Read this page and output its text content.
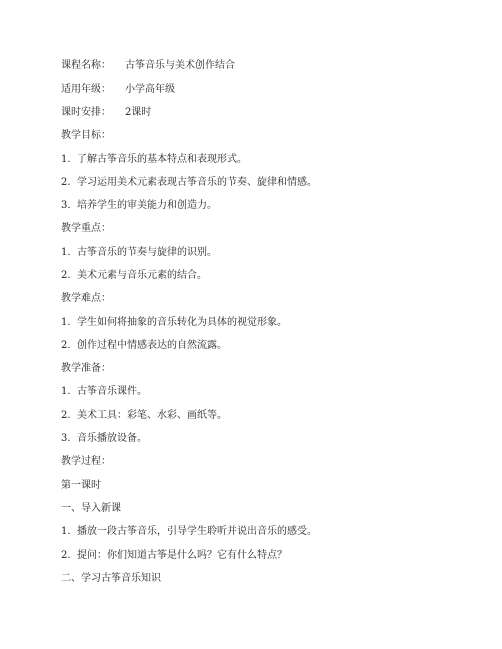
课程名称： 古筝音乐与美术创作结合
适用年级： 小学高年级
课时安排： 2课时
教学目标：
1. 了解古筝音乐的基本特点和表现形式。
2. 学习运用美术元素表现古筝音乐的节奏、旋律和情感。
3. 培养学生的审美能力和创造力。
教学重点：
1. 古筝音乐的节奏与旋律的识别。
2. 美术元素与音乐元素的结合。
教学难点：
1. 学生如何将抽象的音乐转化为具体的视觉形象。
2. 创作过程中情感表达的自然流露。
教学准备：
1. 古筝音乐课件。
2. 美术工具：彩笔、水彩、画纸等。
3. 音乐播放设备。
教学过程：
第一课时
一、导入新课
1. 播放一段古筝音乐，引导学生聆听并说出音乐的感受。
2. 提问：你们知道古筝是什么吗？它有什么特点？
二、学习古筝音乐知识
